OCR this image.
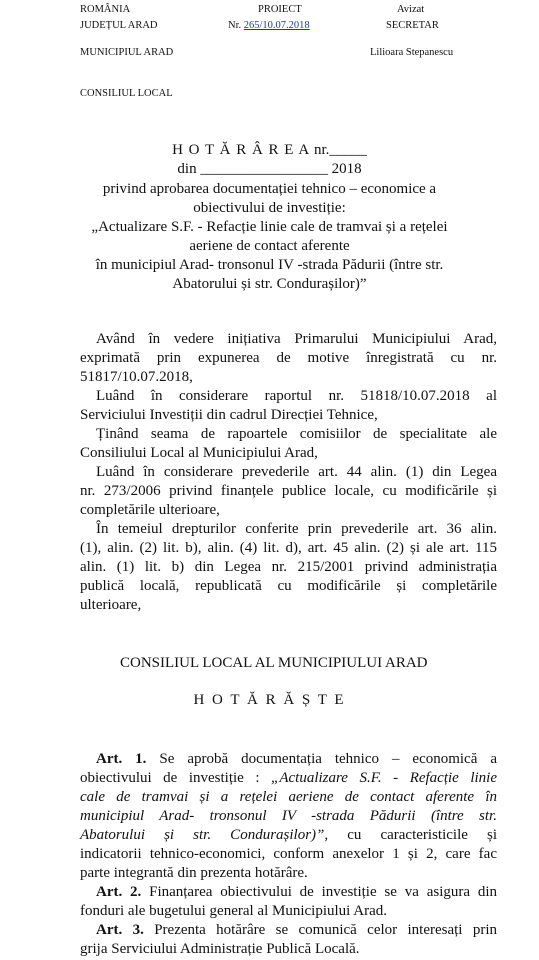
ROMÂNIA
JUDEȚUL ARAD
MUNICIPIUL ARAD
CONSILIUL LOCAL
PROIECT
Nr. 265/10.07.2018
Avizat
SECRETAR
Lilioara Stepanescu
H O T Ă R Â R E A nr._____
din _________________ 2018
privind aprobarea documentației tehnico – economice a
obiectivului de investiție:
„Actualizare S.F. - Refacție linie cale de tramvai și a rețelei
aeriene de contact aferente
în municipiul Arad- tronsonul IV -strada Pădurii (între str.
Abatorului și str. Condurașilor)”
Având în vedere inițiativa Primarului Municipiului Arad,
exprimată prin expunerea de motive înregistrată cu nr.
51817/10.07.2018,
Luând în considerare raportul nr. 51818/10.07.2018 al
Serviciului Investiții din cadrul Direcției Tehnice,
Ținând seama de rapoartele comisiilor de specialitate ale
Consiliului Local al Municipiului Arad,
Luând în considerare prevederile art. 44 alin. (1) din Legea
nr. 273/2006 privind finanțele publice locale, cu modificările și
completările ulterioare,
În temeiul drepturilor conferite prin prevederile art. 36 alin.
(1), alin. (2) lit. b), alin. (4) lit. d), art. 45 alin. (2) și ale art. 115
alin. (1) lit. b) din Legea nr. 215/2001 privind administrația
publică locală, republicată cu modificările și completările
ulterioare,
CONSILIUL LOCAL AL MUNICIPIULUI ARAD
H O T Ă R Ă Ș T E
Art. 1. Se aprobă documentația tehnico – economică a
obiectivului de investiție : „Actualizare S.F. - Refacție linie
cale de tramvai și a rețelei aeriene de contact aferente în
municipiul Arad- tronsonul IV -strada Pădurii (între str.
Abatorului și str. Condurașilor)”, cu caracteristicile și
indicatorii tehnico-economici, conform anexelor 1 și 2, care fac
parte integrantă din prezenta hotărâre.
Art. 2. Finanțarea obiectivului de investiție se va asigura din
fonduri ale bugetului general al Municipiului Arad.
Art. 3. Prezenta hotărâre se comunică celor interesați prin
grija Serviciului Administrație Publică Locală.
